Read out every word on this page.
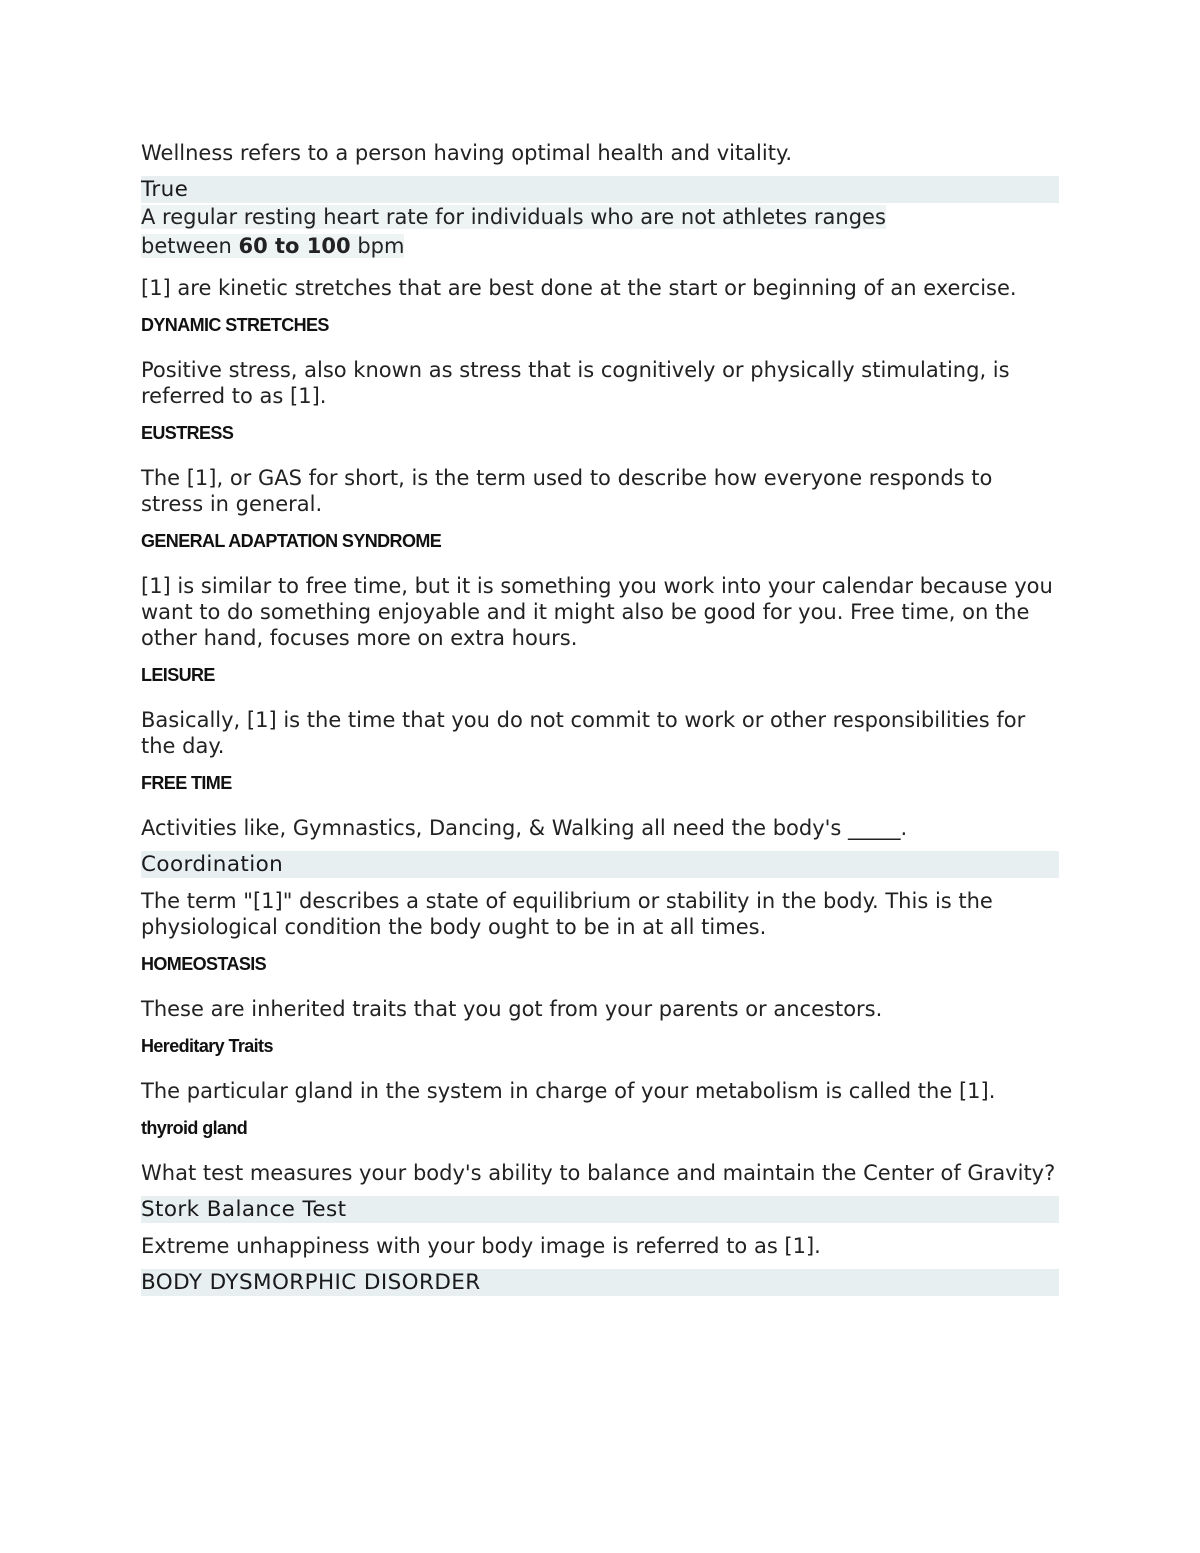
Wellness refers to a person having optimal health and vitality.

True

A regular resting heart rate for individuals who are not athletes ranges
between 60 to 100 bpm

[1] are kinetic stretches that are best done at the start or beginning of an exercise.

DYNAMIC STRETCHES

Positive stress, also known as stress that is cognitively or physically stimulating, is referred to as [1].

EUSTRESS

The [1], or GAS for short, is the term used to describe how everyone responds to stress in general.

GENERAL ADAPTATION SYNDROME

[1] is similar to free time, but it is something you work into your calendar because you want to do something enjoyable and it might also be good for you. Free time, on the other hand, focuses more on extra hours.

LEISURE

Basically, [1] is the time that you do not commit to work or other responsibilities for the day.

FREE TIME

Activities like, Gymnastics, Dancing, & Walking all need the body's _____.

Coordination

The term "[1]" describes a state of equilibrium or stability in the body. This is the physiological condition the body ought to be in at all times.

HOMEOSTASIS

These are inherited traits that you got from your parents or ancestors.

Hereditary Traits

The particular gland in the system in charge of your metabolism is called the [1].

thyroid gland

What test measures your body's ability to balance and maintain the Center of Gravity?

Stork Balance Test

Extreme unhappiness with your body image is referred to as [1].

BODY DYSMORPHIC DISORDER
